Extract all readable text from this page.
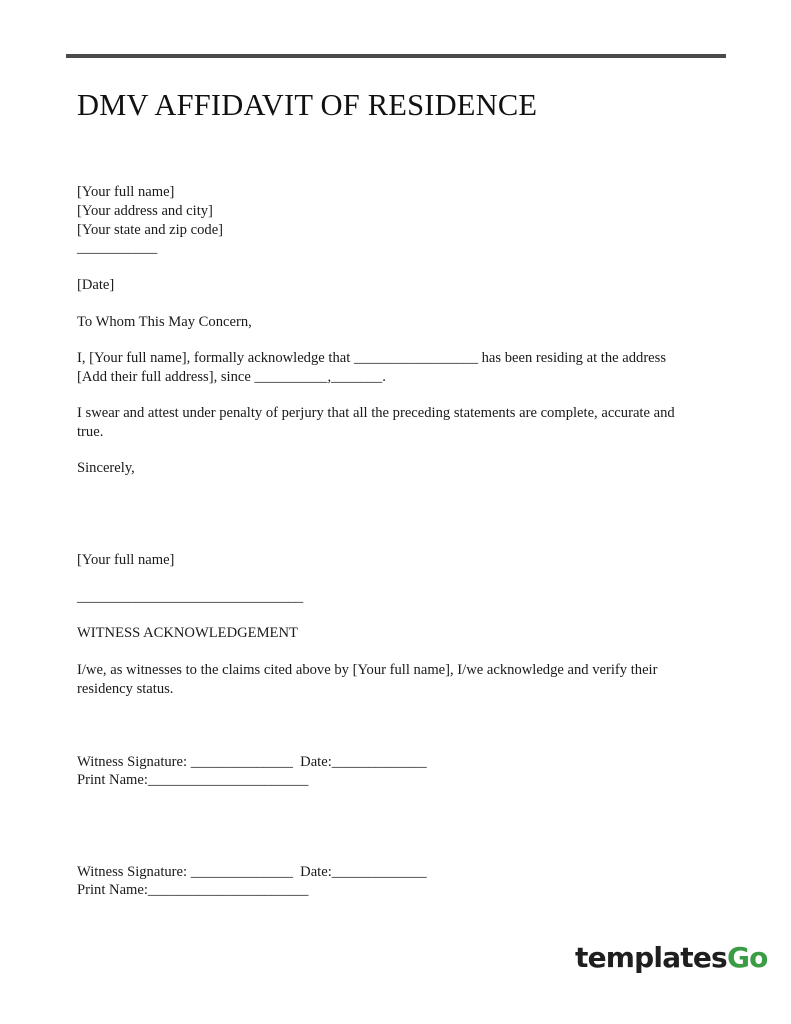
DMV AFFIDAVIT OF RESIDENCE
[Your full name]
[Your address and city]
[Your state and zip code]
___________
[Date]
To Whom This May Concern,
I, [Your full name], formally acknowledge that _________________ has been residing at the address
[Add their full address], since __________,_______.
I swear and attest under penalty of perjury that all the preceding statements are complete, accurate and
true.
Sincerely,
[Your full name]
_______________________________
WITNESS ACKNOWLEDGEMENT
I/we, as witnesses to the claims cited above by [Your full name], I/we acknowledge and verify their
residency status.
Witness Signature: ______________  Date:_____________
Print Name:______________________
Witness Signature: ______________  Date:_____________
Print Name:______________________
templatesGo
